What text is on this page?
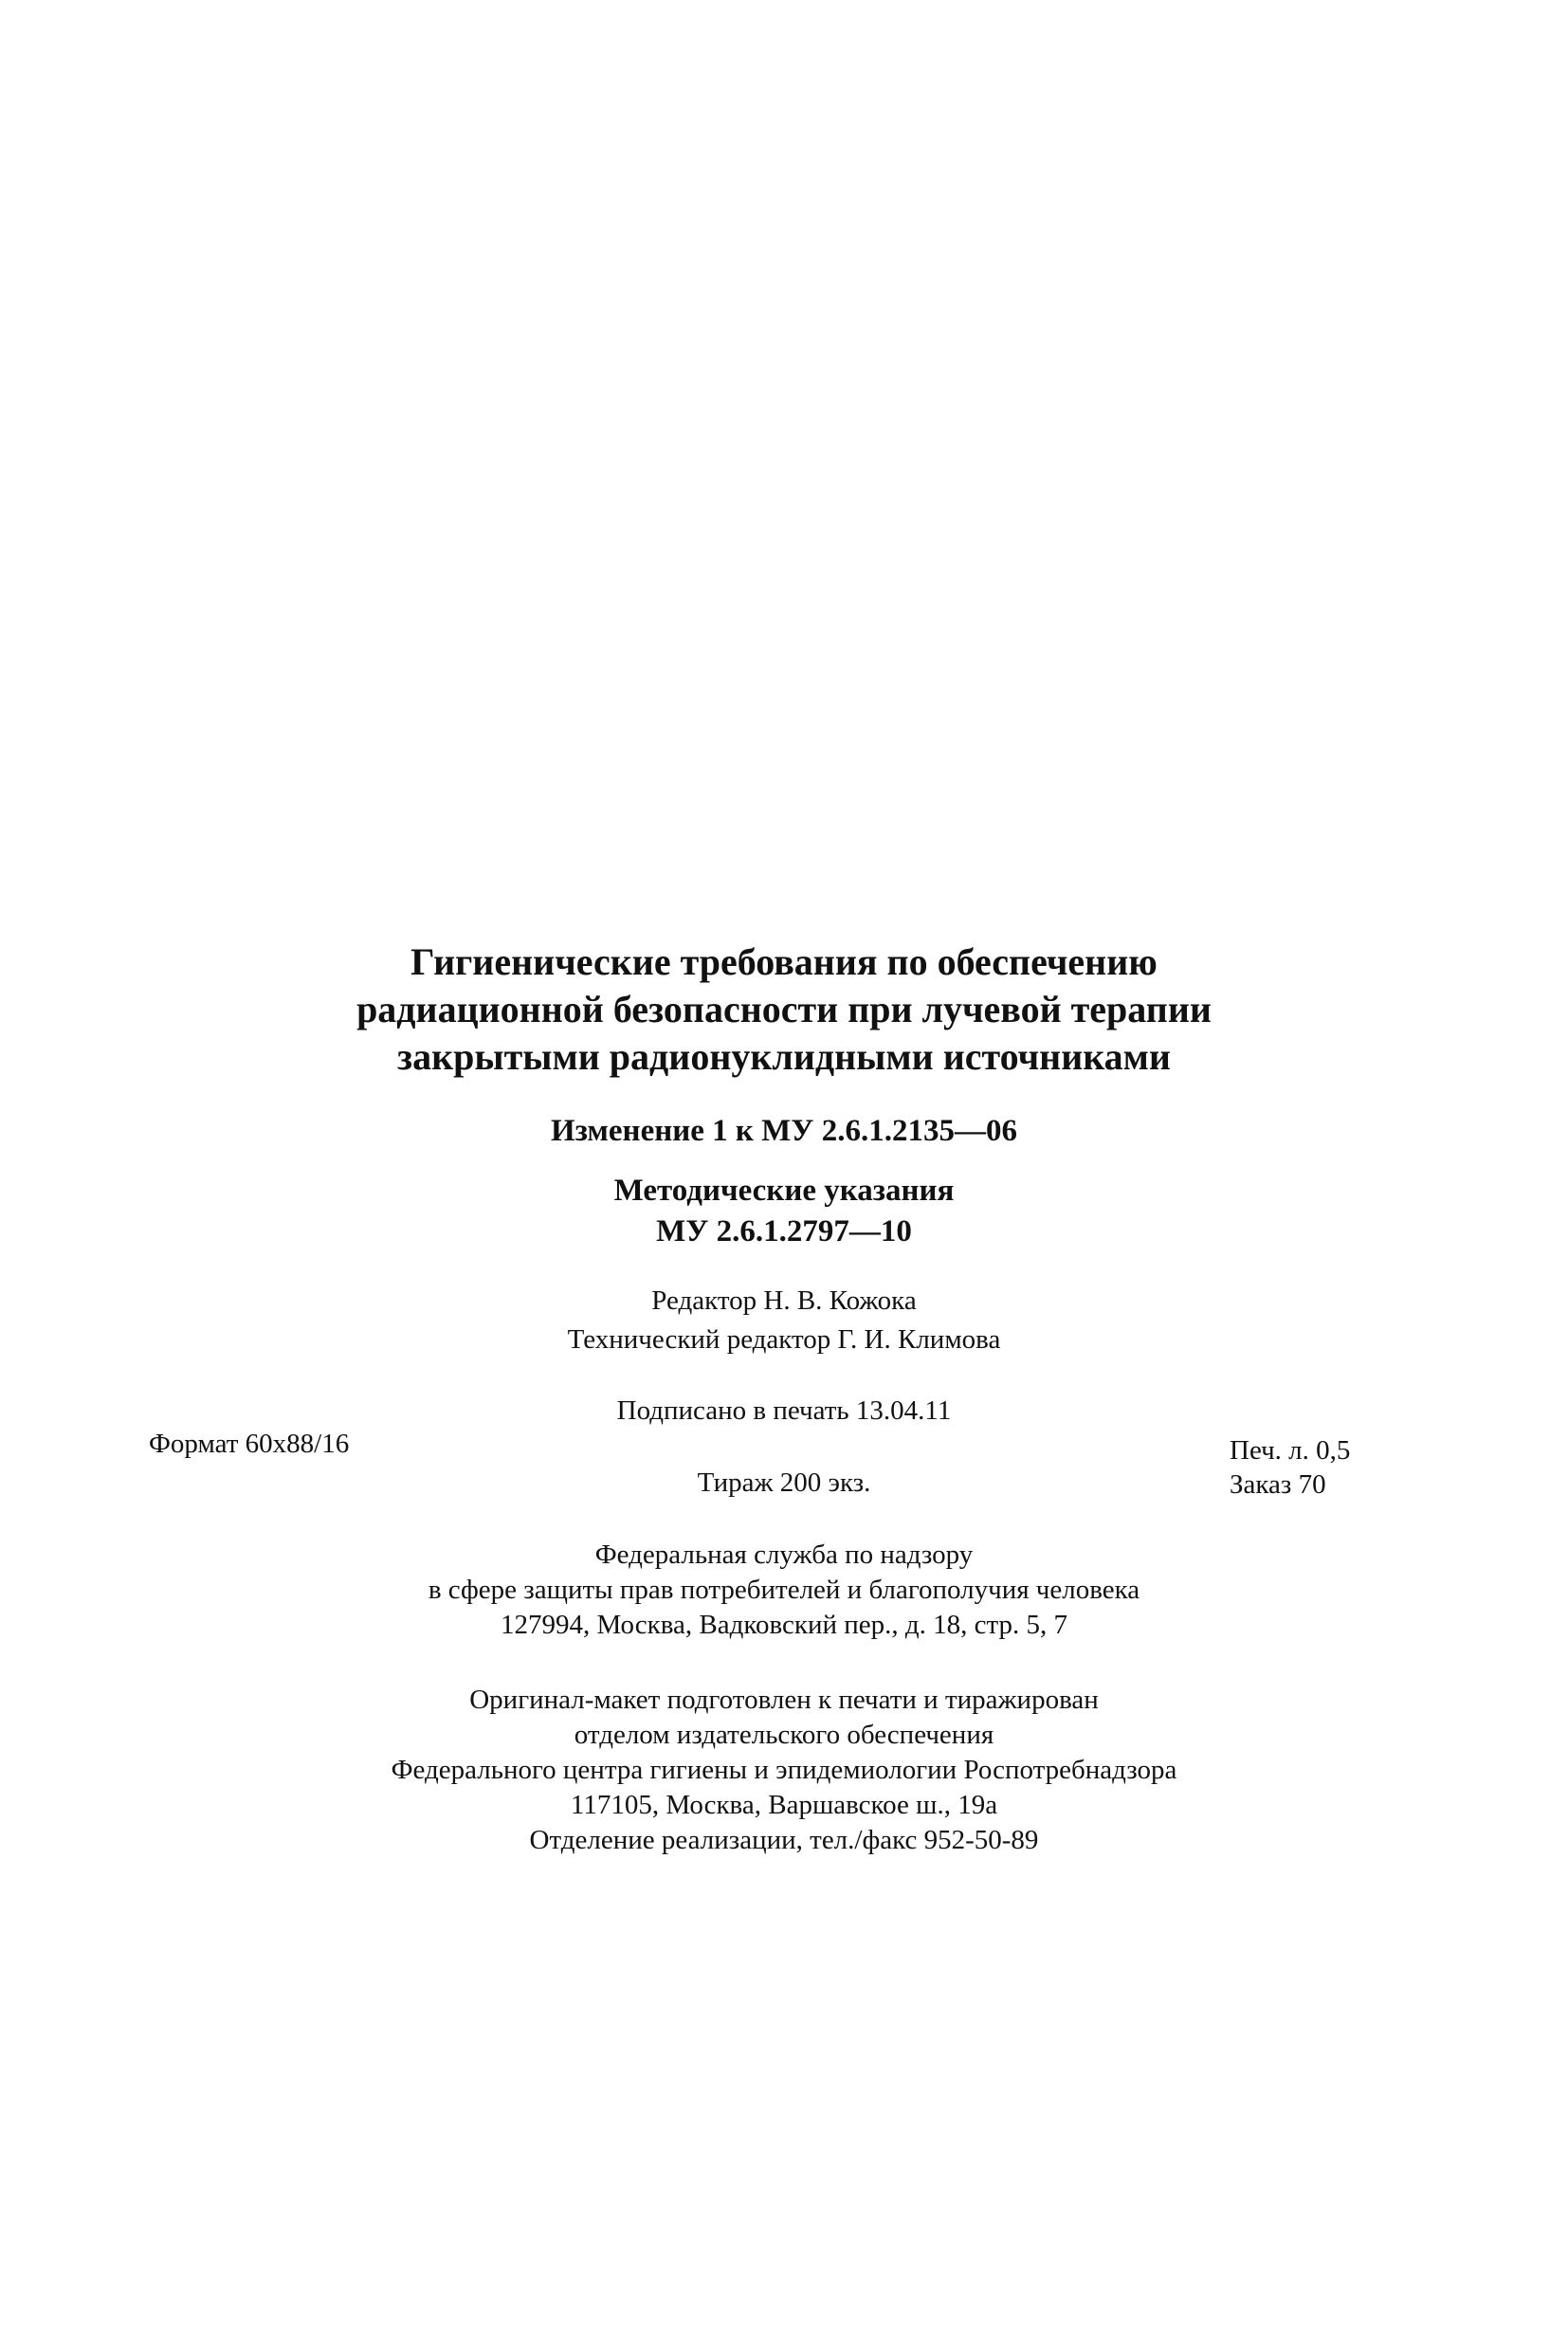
Гигиенические требования по обеспечению
радиационной безопасности при лучевой терапии
закрытыми радионуклидными источниками
Изменение 1 к МУ 2.6.1.2135—06
Методические указания
МУ 2.6.1.2797—10
Редактор Н. В. Кожока
Технический редактор Г. И. Климова
Подписано в печать 13.04.11
Формат 60x88/16	Печ. л. 0,5
Тираж 200 экз.	Заказ 70
Федеральная служба по надзору
в сфере защиты прав потребителей и благополучия человека
127994, Москва, Вадковский пер., д. 18, стр. 5, 7
Оригинал-макет подготовлен к печати и тиражирован
отделом издательского обеспечения
Федерального центра гигиены и эпидемиологии Роспотребнадзора
117105, Москва, Варшавское ш., 19а
Отделение реализации, тел./факс 952-50-89
